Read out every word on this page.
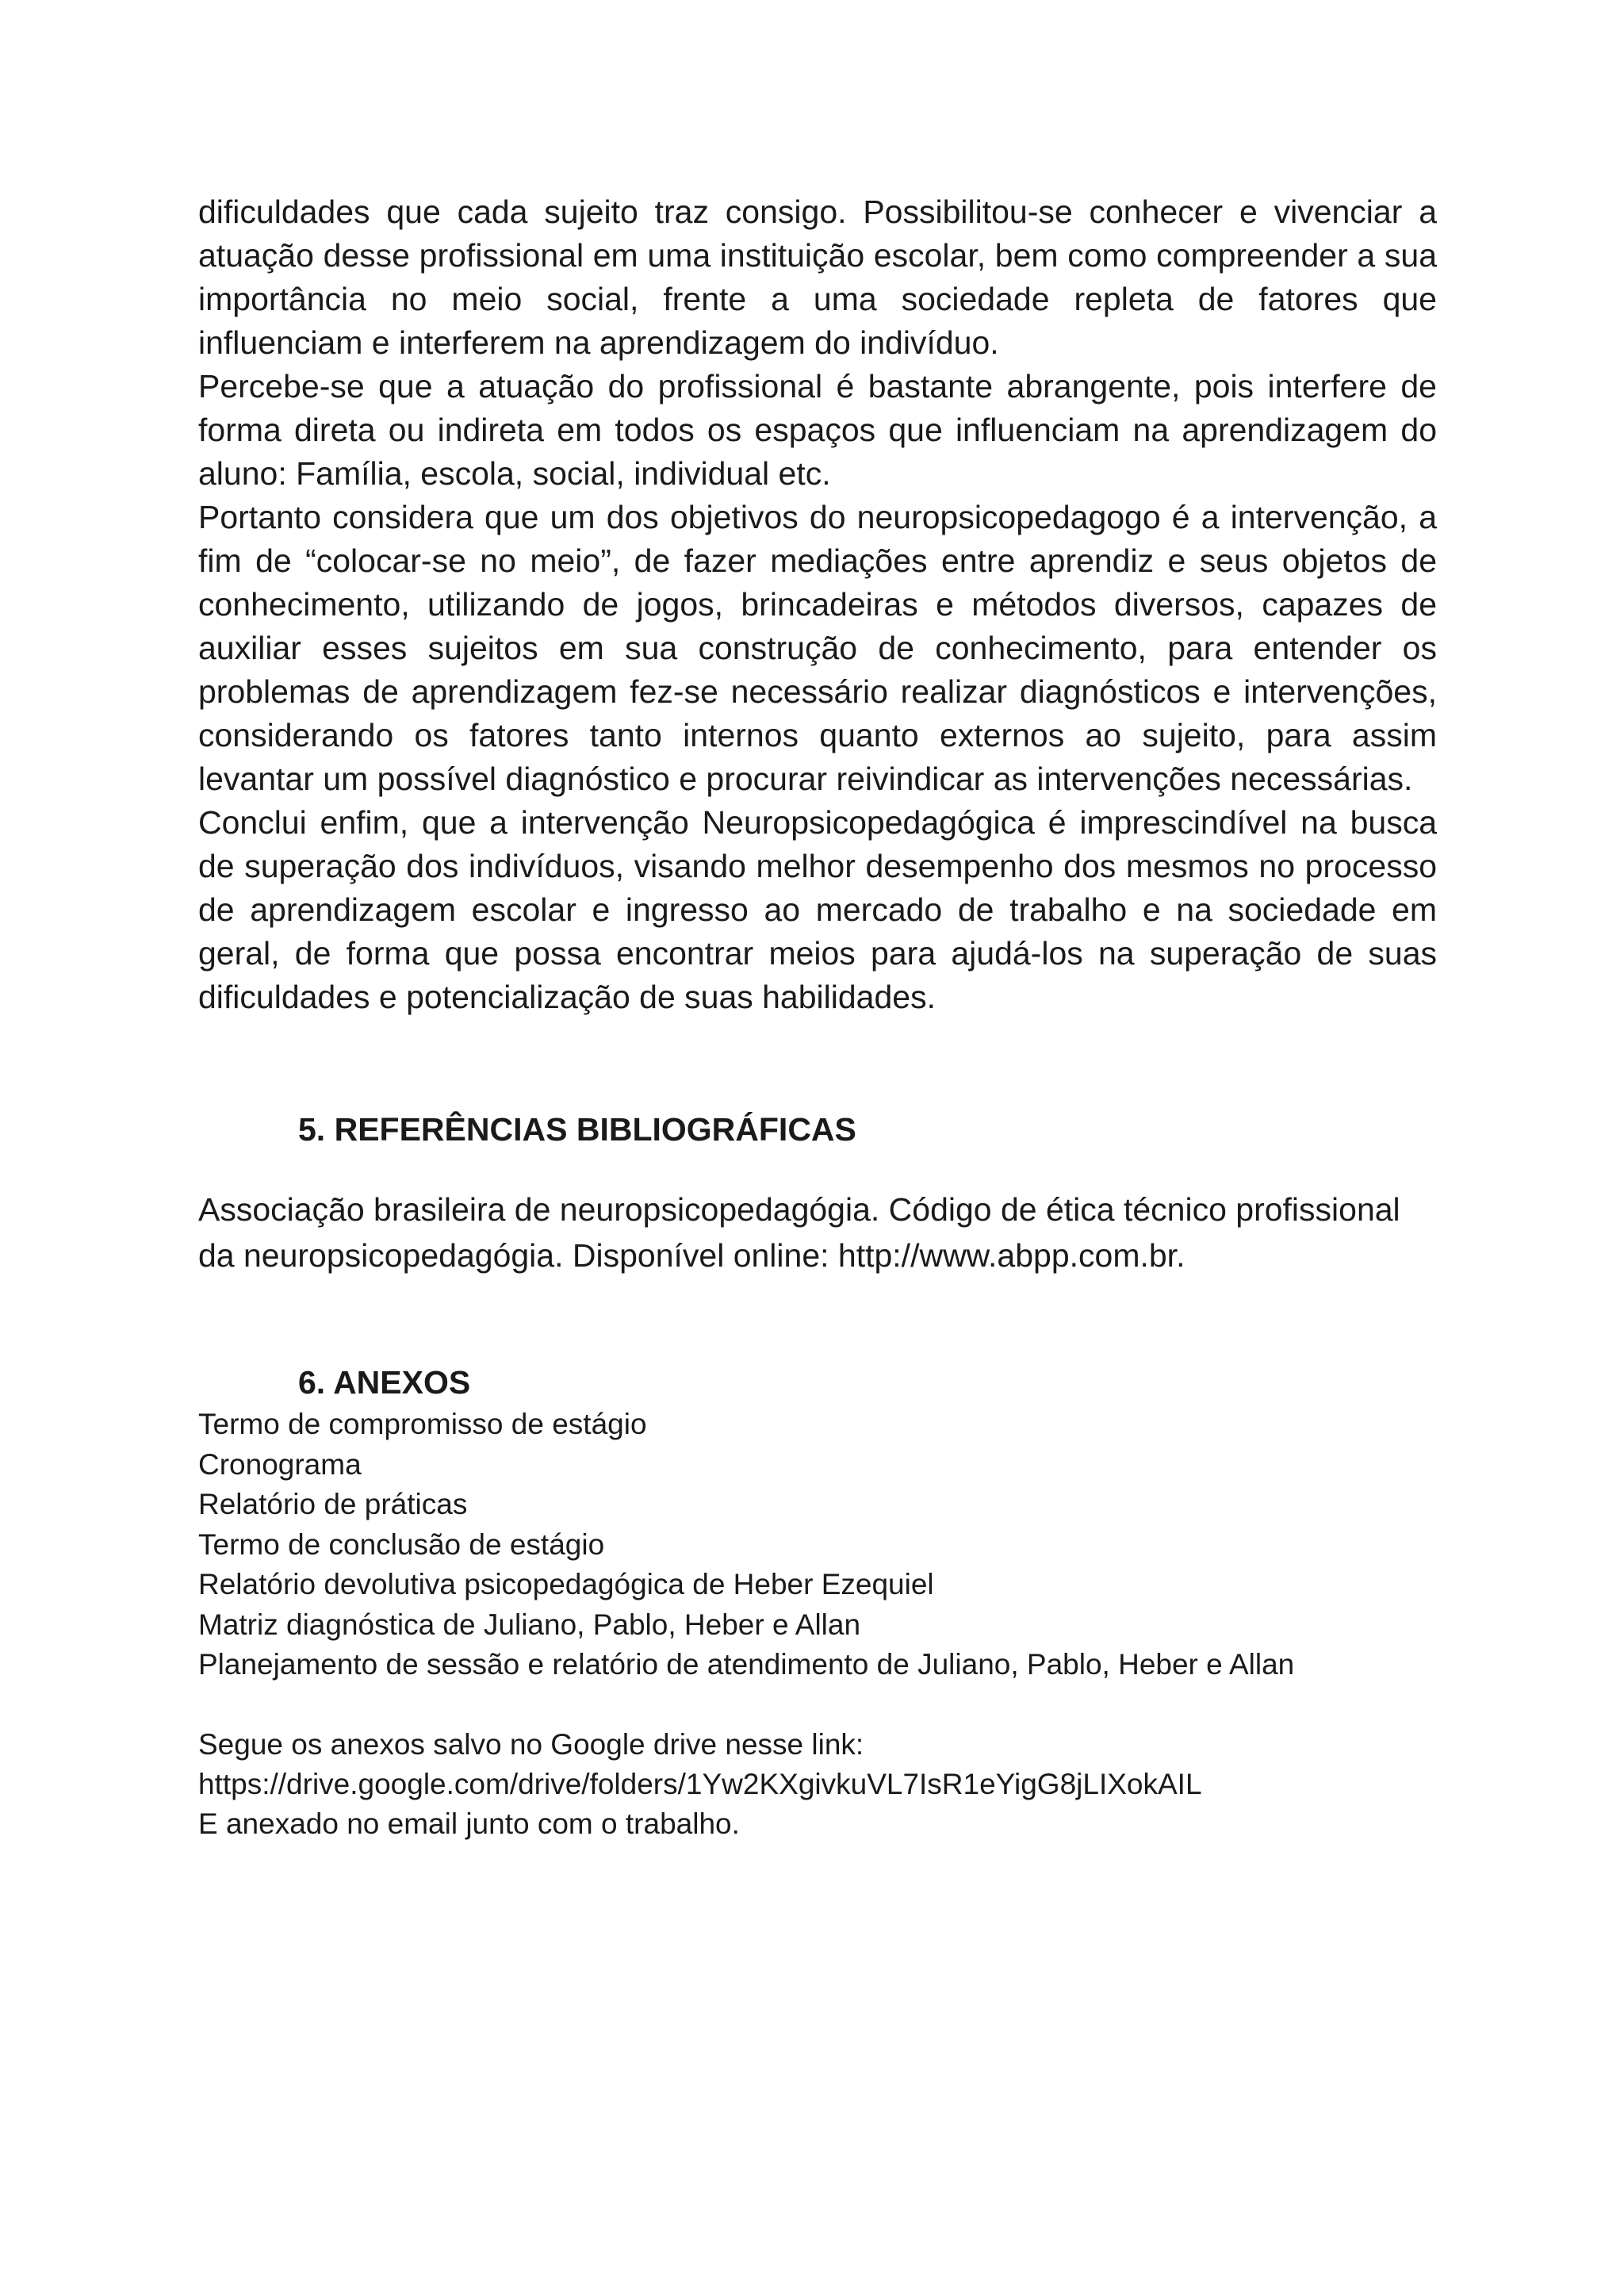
dificuldades que cada sujeito traz consigo. Possibilitou-se conhecer e vivenciar a atuação desse profissional em uma instituição escolar, bem como compreender a sua importância no meio social, frente a uma sociedade repleta de fatores que influenciam e interferem na aprendizagem do indivíduo.

Percebe-se que a atuação do profissional é bastante abrangente, pois interfere de forma direta ou indireta em todos os espaços que influenciam na aprendizagem do aluno: Família, escola, social, individual etc.

Portanto considera que um dos objetivos do neuropsicopedagogo é a intervenção, a fim de “colocar-se no meio”, de fazer mediações entre aprendiz e seus objetos de conhecimento, utilizando de jogos, brincadeiras e métodos diversos, capazes de auxiliar esses sujeitos em sua construção de conhecimento, para entender os problemas de aprendizagem fez-se necessário realizar diagnósticos e intervenções, considerando os fatores tanto internos quanto externos ao sujeito, para assim levantar um possível diagnóstico e procurar reivindicar as intervenções necessárias.

Conclui enfim, que a intervenção Neuropsicopedagógica é imprescindível na busca de superação dos indivíduos, visando melhor desempenho dos mesmos no processo de aprendizagem escolar e ingresso ao mercado de trabalho e na sociedade em geral, de forma que possa encontrar meios para ajudá-los na superação de suas dificuldades e potencialização de suas habilidades.

5. REFERÊNCIAS BIBLIOGRÁFICAS

Associação brasileira de neuropsicopedagógia. Código de ética técnico profissional da neuropsicopedagógia. Disponível online: http://www.abpp.com.br.

6. ANEXOS
Termo de compromisso de estágio
Cronograma
Relatório de práticas
Termo de conclusão de estágio
Relatório devolutiva psicopedagógica de Heber Ezequiel
Matriz diagnóstica de Juliano, Pablo, Heber e Allan
Planejamento de sessão e relatório de atendimento de Juliano, Pablo, Heber e Allan

Segue os anexos salvo no Google drive nesse link:

https://drive.google.com/drive/folders/1Yw2KXgivkuVL7IsR1eYigG8jLIXokAIL

E anexado no email junto com o trabalho.
